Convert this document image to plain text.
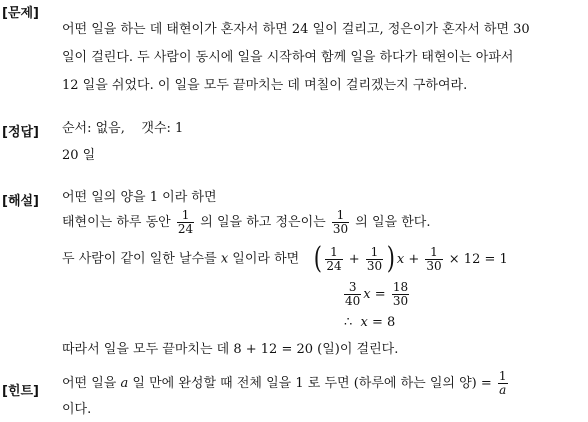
[문제]
어떤 일을 하는 데 태현이가 혼자서 하면 24 일이 걸리고, 정은이가 혼자서 하면 30
일이 걸린다. 두 사람이 동시에 일을 시작하여 함께 일을 하다가 태현이는 아파서
12 일을 쉬었다. 이 일을 모두 끝마치는 데 며칠이 걸리겠는지 구하여라.
[정답] 순서: 없음, 갯수: 1
20 일
[해설] 어떤 일의 양을 1 이라 하면
태현이는 하루 동안 $\frac{1}{24}$ 의 일을 하고 정은이는 $\frac{1}{30}$ 의 일을 한다.
두 사람이 같이 일한 날수를 x 일이라 하면 ( $\frac{1}{24} + \frac{1}{30}$ ) $x + \frac{1}{30} \times 12 = 1$
$\frac{3}{40}$ $x = \frac{18}{30}$
∴ x = 8
따라서 일을 모두 끝마치는 데 8 + 12 = 20 (일)이 걸린다.
[힌트]
어떤 일을 a 일 만에 완성할 때 전체 일을 1 로 두면 (하루에 하는 일의 양) = $\frac{1}{a}$
이다.
